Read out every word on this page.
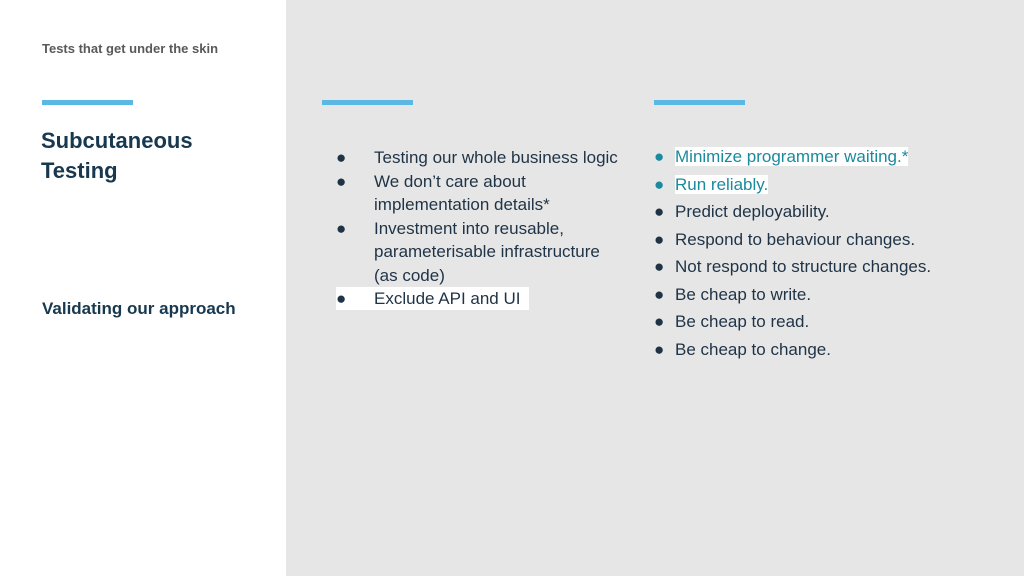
Tests that get under the skin
Subcutaneous Testing
Validating our approach
● Testing our whole business logic
● We don’t care about implementation details*
● Investment into reusable, parameterisable infrastructure (as code)
● Exclude API and UI
● Minimize programmer waiting.*
● Run reliably.
● Predict deployability.
● Respond to behaviour changes.
● Not respond to structure changes.
● Be cheap to write.
● Be cheap to read.
● Be cheap to change.
